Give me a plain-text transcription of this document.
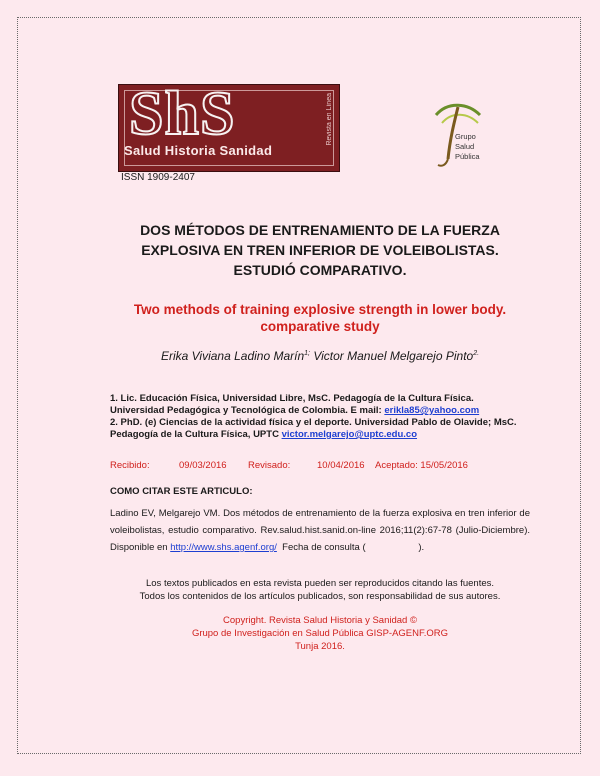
ShS
Salud Historia Sanidad
Revista en Línea
ISSN 1909-2407
Grupo
Salud
Pública
DOS MÉTODOS DE ENTRENAMIENTO DE LA FUERZA
EXPLOSIVA EN TREN INFERIOR DE VOLEIBOLISTAS.
ESTUDIÓ COMPARATIVO.
Two methods of training explosive strength in lower body.
comparative study
Erika Viviana Ladino Marín$^{1;}$ Victor Manuel Melgarejo Pinto$^{2.}$
1. Lic. Educación Física, Universidad Libre, MsC. Pedagogía de la Cultura Física. Universidad Pedagógica y Tecnológica de Colombia. E mail: erikla85@yahoo.com
2. PhD. (e) Ciencias de la actividad física y el deporte. Universidad Pablo de Olavide; MsC. Pedagogía de la Cultura Física, UPTC victor.melgarejo@uptc.edu.co
Recibido:	09/03/2016 Revisado:	10/04/2016 Aceptado: 15/05/2016
COMO CITAR ESTE ARTICULO:
Ladino EV, Melgarejo VM. Dos métodos de entrenamiento de la fuerza explosiva en tren inferior de voleibolistas, estudio comparativo. Rev.salud.hist.sanid.on-line 2016;11(2):67-78 (Julio-Diciembre). Disponible en http://www.shs.agenf.org/  Fecha de consulta (                    ).
Los textos publicados en esta revista pueden ser reproducidos citando las fuentes.
Todos los contenidos de los artículos publicados, son responsabilidad de sus autores.
Copyright. Revista Salud Historia y Sanidad ©
Grupo de Investigación en Salud Pública GISP-AGENF.ORG
Tunja 2016.
